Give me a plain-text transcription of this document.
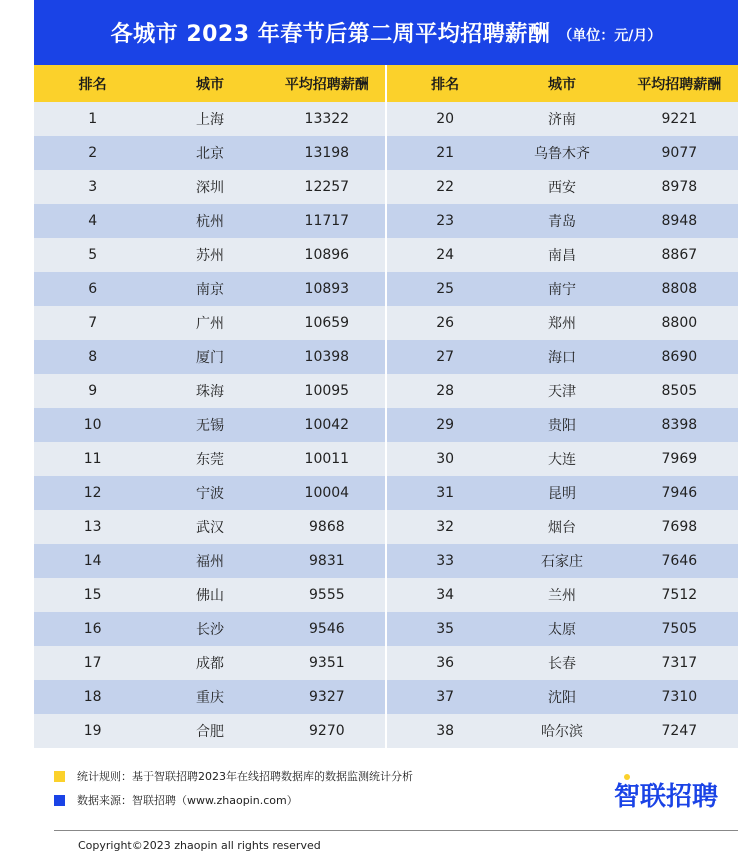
各城市 2023 年春节后第二周平均招聘薪酬 （单位：元/月）
排名	城市	平均招聘薪酬	排名	城市	平均招聘薪酬
1	上海	13322	20	济南	9221
2	北京	13198	21	乌鲁木齐	9077
3	深圳	12257	22	西安	8978
4	杭州	11717	23	青岛	8948
5	苏州	10896	24	南昌	8867
6	南京	10893	25	南宁	8808
7	广州	10659	26	郑州	8800
8	厦门	10398	27	海口	8690
9	珠海	10095	28	天津	8505
10	无锡	10042	29	贵阳	8398
11	东莞	10011	30	大连	7969
12	宁波	10004	31	昆明	7946
13	武汉	9868	32	烟台	7698
14	福州	9831	33	石家庄	7646
15	佛山	9555	34	兰州	7512
16	长沙	9546	35	太原	7505
17	成都	9351	36	长春	7317
18	重庆	9327	37	沈阳	7310
19	合肥	9270	38	哈尔滨	7247
统计规则：基于智联招聘2023年在线招聘数据库的数据监测统计分析
数据来源：智联招聘（www.zhaopin.com）	智联招聘
Copyright©2023 zhaopin all rights reserved
